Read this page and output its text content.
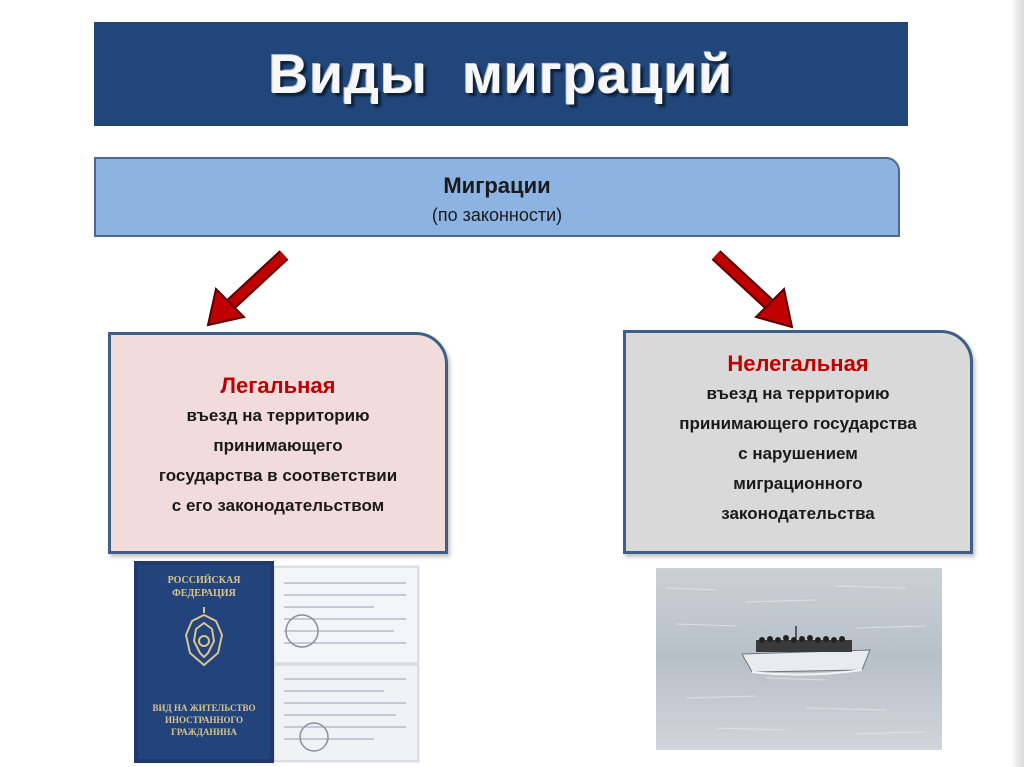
Виды миграций
Миграции
(по законности)
Легальная
въезд на территорию
принимающего
государства в соответствии
с его законодательством
Нелегальная
въезд на территорию
принимающего государства
с нарушением
миграционного
законодательства
РОССИЙСКАЯ
ФЕДЕРАЦИЯ
ВИД НА ЖИТЕЛЬСТВО
ИНОСТРАННОГО
ГРАЖДАНИНА
